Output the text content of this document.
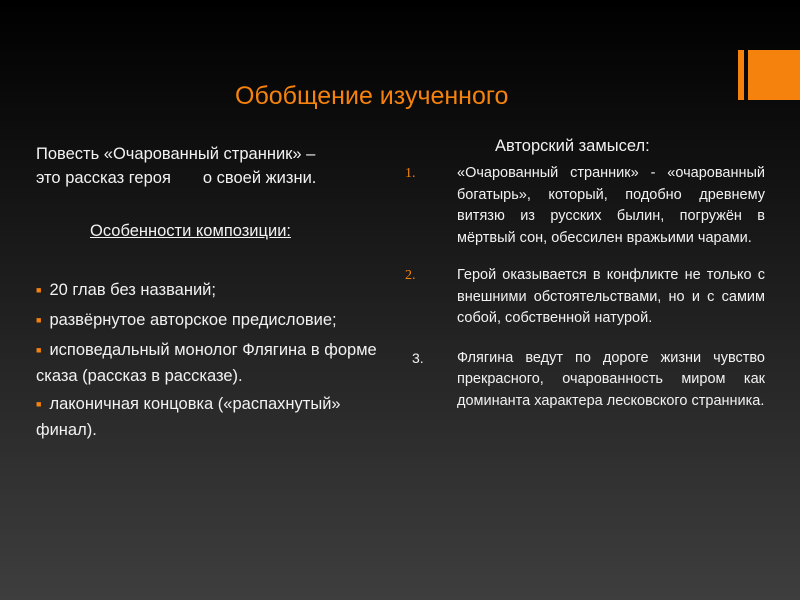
Обобщение изученного
Повесть «Очарованный странник» –
это рассказ героя о своей жизни.
Особенности композиции:
■ 20 глав без названий;
■ развёрнутое авторское предисловие;
■ исповедальный монолог Флягина в форме сказа (рассказ в рассказе).
■ лаконичная концовка («распахнутый» финал).
Авторский замысел:
1.	«Очарованный странник» - «очарованный богатырь», который, подобно древнему витязю из русских былин, погружён в мёртвый сон, обессилен вражьими чарами.
2.	Герой оказывается в конфликте не только с внешними обстоятельствами, но и с самим собой, собственной натурой.
3. Флягина ведут по дороге жизни чувство прекрасного, очарованность миром как доминанта характера лесковского странника.
